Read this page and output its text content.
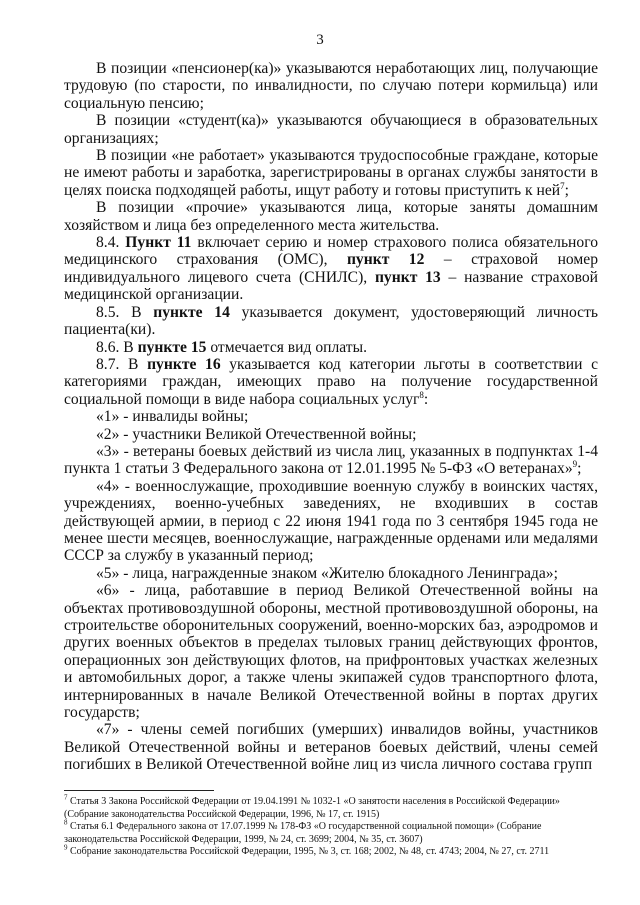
3

В позиции «пенсионер(ка)» указываются неработающих лиц, получающие трудовую (по старости, по инвалидности, по случаю потери кормильца) или социальную пенсию;

В позиции «студент(ка)» указываются обучающиеся в образовательных организациях;

В позиции «не работает» указываются трудоспособные граждане, которые не имеют работы и заработка, зарегистрированы в органах службы занятости в целях поиска подходящей работы, ищут работу и готовы приступить к ней$^7$;

В позиции «прочие» указываются лица, которые заняты домашним хозяйством и лица без определенного места жительства.

8.4. Пункт 11 включает серию и номер страхового полиса обязательного медицинского страхования (ОМС), пункт 12 – страховой номер индивидуального лицевого счета (СНИЛС), пункт 13 – название страховой медицинской организации.

8.5. В пункте 14 указывается документ, удостоверяющий личность пациента(ки).

8.6. В пункте 15 отмечается вид оплаты.

8.7. В пункте 16 указывается код категории льготы в соответствии с категориями граждан, имеющих право на получение государственной социальной помощи в виде набора социальных услуг$^8$:

«1» - инвалиды войны;

«2» - участники Великой Отечественной войны;

«3» - ветераны боевых действий из числа лиц, указанных в подпунктах 1-4 пункта 1 статьи 3 Федерального закона от 12.01.1995 № 5-ФЗ «О ветеранах»$^9$;

«4» - военнослужащие, проходившие военную службу в воинских частях, учреждениях, военно-учебных заведениях, не входивших в состав действующей армии, в период с 22 июня 1941 года по 3 сентября 1945 года не менее шести месяцев, военнослужащие, награжденные орденами или медалями СССР за службу в указанный период;

«5» - лица, награжденные знаком «Жителю блокадного Ленинграда»;

«6» - лица, работавшие в период Великой Отечественной войны на объектах противовоздушной обороны, местной противовоздушной обороны, на строительстве оборонительных сооружений, военно-морских баз, аэродромов и других военных объектов в пределах тыловых границ действующих фронтов, операционных зон действующих флотов, на прифронтовых участках железных и автомобильных дорог, а также члены экипажей судов транспортного флота, интернированных в начале Великой Отечественной войны в портах других государств;

«7» - члены семей погибших (умерших) инвалидов войны, участников Великой Отечественной войны и ветеранов боевых действий, члены семей погибших в Великой Отечественной войне лиц из числа личного состава групп

$^7$ Статья 3 Закона Российской Федерации от 19.04.1991 № 1032-1 «О занятости населения в Российской Федерации» (Собрание законодательства Российской Федерации, 1996, № 17, ст. 1915)

$^8$ Статья 6.1 Федерального закона от 17.07.1999 № 178-ФЗ «О государственной социальной помощи» (Собрание законодательства Российской Федерации, 1999, № 24, ст. 3699; 2004, № 35, ст. 3607)

$^9$ Собрание законодательства Российской Федерации, 1995, № 3, ст. 168; 2002, № 48, ст. 4743; 2004, № 27, ст. 2711
